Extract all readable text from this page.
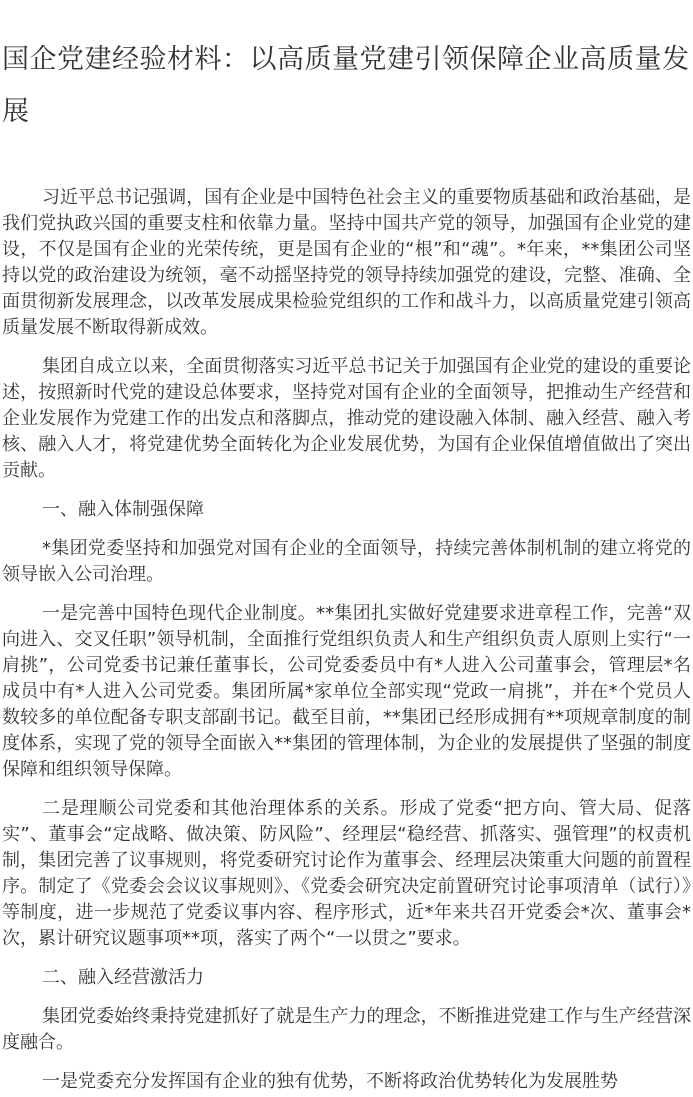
国企党建经验材料：以高质量党建引领保障企业高质量发展

习近平总书记强调，国有企业是中国特色社会主义的重要物质基础和政治基础，是我们党执政兴国的重要支柱和依靠力量。坚持中国共产党的领导，加强国有企业党的建设，不仅是国有企业的光荣传统，更是国有企业的“根”和“魂”。*年来，**集团公司坚持以党的政治建设为统领，毫不动摇坚持党的领导持续加强党的建设，完整、准确、全面贯彻新发展理念，以改革发展成果检验党组织的工作和战斗力，以高质量党建引领高质量发展不断取得新成效。

集团自成立以来，全面贯彻落实习近平总书记关于加强国有企业党的建设的重要论述，按照新时代党的建设总体要求，坚持党对国有企业的全面领导，把推动生产经营和企业发展作为党建工作的出发点和落脚点，推动党的建设融入体制、融入经营、融入考核、融入人才，将党建优势全面转化为企业发展优势，为国有企业保值增值做出了突出贡献。

一、融入体制强保障

*集团党委坚持和加强党对国有企业的全面领导，持续完善体制机制的建立将党的领导嵌入公司治理。

一是完善中国特色现代企业制度。**集团扎实做好党建要求进章程工作，完善“双向进入、交叉任职”领导机制，全面推行党组织负责人和生产组织负责人原则上实行“一肩挑”，公司党委书记兼任董事长，公司党委委员中有*人进入公司董事会，管理层*名成员中有*人进入公司党委。集团所属*家单位全部实现“党政一肩挑”，并在*个党员人数较多的单位配备专职支部副书记。截至目前，**集团已经形成拥有**项规章制度的制度体系，实现了党的领导全面嵌入**集团的管理体制，为企业的发展提供了坚强的制度保障和组织领导保障。

二是理顺公司党委和其他治理体系的关系。形成了党委“把方向、管大局、促落实”、董事会“定战略、做决策、防风险”、经理层“稳经营、抓落实、强管理”的权责机制，集团完善了议事规则，将党委研究讨论作为董事会、经理层决策重大问题的前置程序。制定了《党委会会议议事规则》、《党委会研究决定前置研究讨论事项清单（试行）》等制度，进一步规范了党委议事内容、程序形式，近*年来共召开党委会*次、董事会*次，累计研究议题事项**项，落实了两个“一以贯之”要求。

二、融入经营激活力

集团党委始终秉持党建抓好了就是生产力的理念，不断推进党建工作与生产经营深度融合。

一是党委充分发挥国有企业的独有优势，不断将政治优势转化为发展胜势
